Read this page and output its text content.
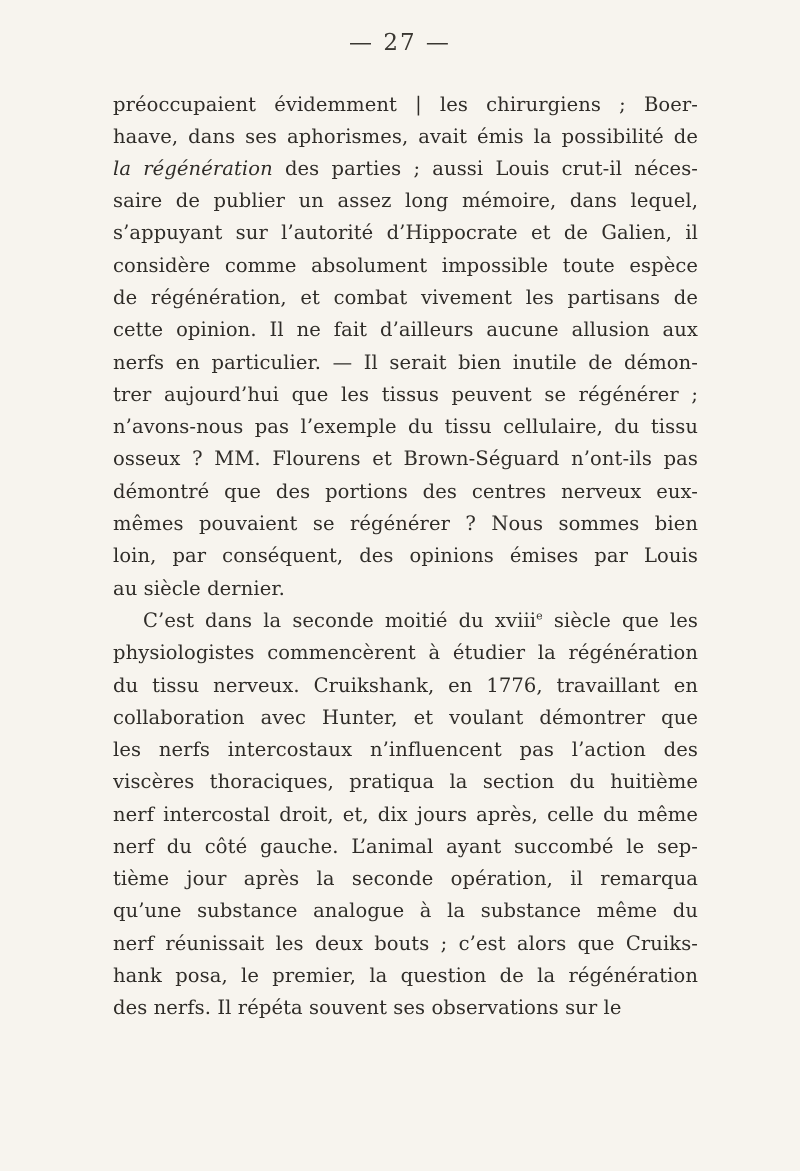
— 27 —
préoccupaient évidemment | les chirurgiens ; Boer-
haave, dans ses aphorismes, avait émis la possibilité de
la régénération des parties ; aussi Louis crut-il néces-
saire de publier un assez long mémoire, dans lequel,
s’appuyant sur l’autorité d’Hippocrate et de Galien, il
considère comme absolument impossible toute espèce
de régénération, et combat vivement les partisans de
cette opinion. Il ne fait d’ailleurs aucune allusion aux
nerfs en particulier. — Il serait bien inutile de démon-
trer aujourd’hui que les tissus peuvent se régénérer ;
n’avons-nous pas l’exemple du tissu cellulaire, du tissu
osseux ? MM. Flourens et Brown-Séguard n’ont-ils pas
démontré que des portions des centres nerveux eux-
mêmes pouvaient se régénérer ? Nous sommes bien
loin, par conséquent, des opinions émises par Louis
au siècle dernier.
C’est dans la seconde moitié du xviii$^e$ siècle que les
physiologistes commencèrent à étudier la régénération
du tissu nerveux. Cruikshank, en 1776, travaillant en
collaboration avec Hunter, et voulant démontrer que
les nerfs intercostaux n’influencent pas l’action des
viscères thoraciques, pratiqua la section du huitième
nerf intercostal droit, et, dix jours après, celle du même
nerf du côté gauche. L’animal ayant succombé le sep-
tième jour après la seconde opération, il remarqua
qu’une substance analogue à la substance même du
nerf réunissait les deux bouts ; c’est alors que Cruiks-
hank posa, le premier, la question de la régénération
des nerfs. Il répéta souvent ses observations sur le
